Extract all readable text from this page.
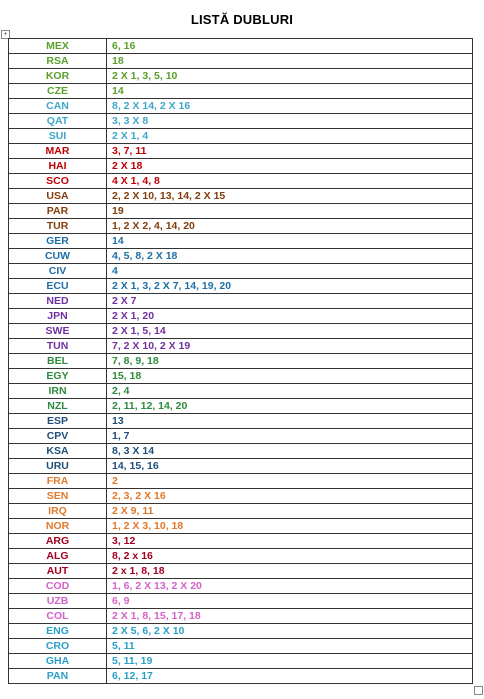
LISTĂ DUBLURI
+
MEX	6, 16
RSA	18
KOR	2 X 1, 3, 5, 10
CZE	14
CAN	8, 2 X 14, 2 X 16
QAT	3, 3 X 8
SUI	2 X 1, 4
MAR	3, 7, 11
HAI	2 X 18
SCO	4 X 1, 4, 8
USA	2, 2 X 10, 13, 14, 2 X 15
PAR	19
TUR	1, 2 X 2, 4, 14, 20
GER	14
CUW	4, 5, 8, 2 X 18
CIV	4
ECU	2 X 1, 3, 2 X 7, 14, 19, 20
NED	2 X 7
JPN	2 X 1, 20
SWE	2 X 1, 5, 14
TUN	7, 2 X 10, 2 X 19
BEL	7, 8, 9, 18
EGY	15, 18
IRN	2, 4
NZL	2, 11, 12, 14, 20
ESP	13
CPV	1, 7
KSA	8, 3 X 14
URU	14, 15, 16
FRA	2
SEN	2, 3, 2 X 16
IRQ	2 X 9, 11
NOR	1, 2 X 3, 10, 18
ARG	3, 12
ALG	8, 2 x 16
AUT	2 x 1, 8, 18
COD	1, 6, 2 X 13, 2 X 20
UZB	6, 9
COL	2 X 1, 8, 15, 17, 18
ENG	2 X 5, 6, 2 X 10
CRO	5, 11
GHA	5, 11, 19
PAN	6, 12, 17
